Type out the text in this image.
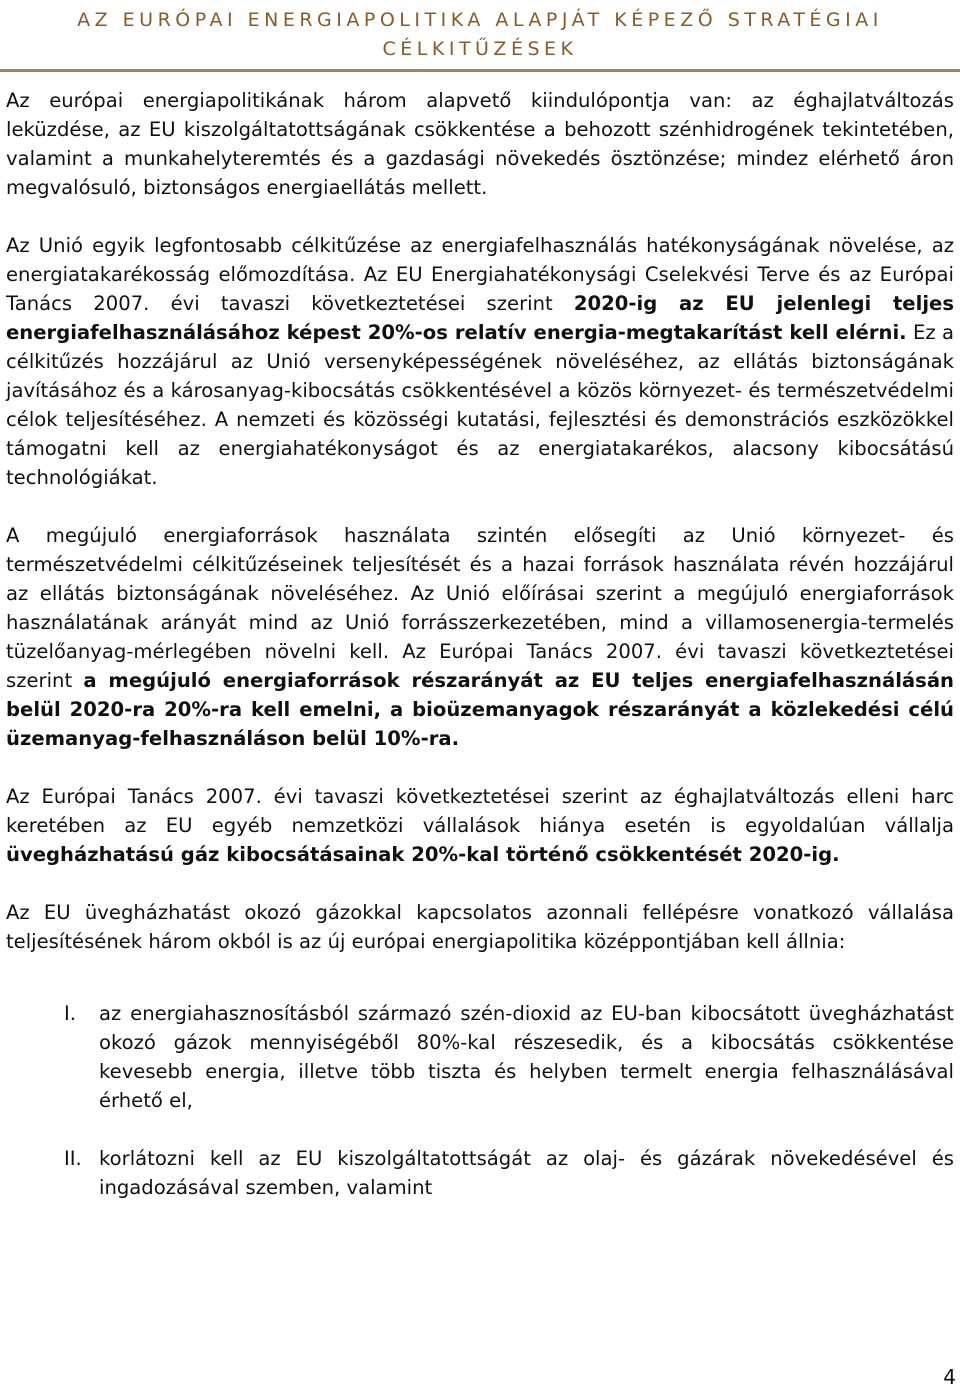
AZ EURÓPAI ENERGIAPOLITIKA ALAPJÁT KÉPEZŐ STRATÉGIAI
CÉLKITŰZÉSEK

Az európai energiapolitikának három alapvető kiindulópontja van: az éghajlatváltozás leküzdése, az EU kiszolgáltatottságának csökkentése a behozott szénhidrogének tekintetében, valamint a munkahelyteremtés és a gazdasági növekedés ösztönzése; mindez elérhető áron megvalósuló, biztonságos energiaellátás mellett.

Az Unió egyik legfontosabb célkitűzése az energiafelhasználás hatékonyságának növelése, az energiatakarékosság előmozdítása. Az EU Energiahatékonysági Cselekvési Terve és az Európai Tanács 2007. évi tavaszi következtetései szerint 2020-ig az EU jelenlegi teljes energiafelhasználásához képest 20%-os relatív energia-megtakarítást kell elérni. Ez a célkitűzés hozzájárul az Unió versenyképességének növeléséhez, az ellátás biztonságának javításához és a károsanyag-kibocsátás csökkentésével a közös környezet- és természetvédelmi célok teljesítéséhez. A nemzeti és közösségi kutatási, fejlesztési és demonstrációs eszközökkel támogatni kell az energiahatékonyságot és az energiatakarékos, alacsony kibocsátású technológiákat.

A megújuló energiaforrások használata szintén elősegíti az Unió környezet- és természetvédelmi célkitűzéseinek teljesítését és a hazai források használata révén hozzájárul az ellátás biztonságának növeléséhez. Az Unió előírásai szerint a megújuló energiaforrások használatának arányát mind az Unió forrásszerkezetében, mind a villamosenergia-termelés tüzelőanyag-mérlegében növelni kell. Az Európai Tanács 2007. évi tavaszi következtetései szerint a megújuló energiaforrások részarányát az EU teljes energiafelhasználásán belül 2020-ra 20%-ra kell emelni, a bioüzemanyagok részarányát a közlekedési célú üzemanyag-felhasználáson belül 10%-ra.

Az Európai Tanács 2007. évi tavaszi következtetései szerint az éghajlatváltozás elleni harc keretében az EU egyéb nemzetközi vállalások hiánya esetén is egyoldalúan vállalja üvegházhatású gáz kibocsátásainak 20%-kal történő csökkentését 2020-ig.

Az EU üvegházhatást okozó gázokkal kapcsolatos azonnali fellépésre vonatkozó vállalása teljesítésének három okból is az új európai energiapolitika középpontjában kell állnia:

I. az energiahasznosításból származó szén-dioxid az EU-ban kibocsátott üvegházhatást okozó gázok mennyiségéből 80%-kal részesedik, és a kibocsátás csökkentése kevesebb energia, illetve több tiszta és helyben termelt energia felhasználásával érhető el,
II. korlátozni kell az EU kiszolgáltatottságát az olaj- és gázárak növekedésével és ingadozásával szemben, valamint
4
